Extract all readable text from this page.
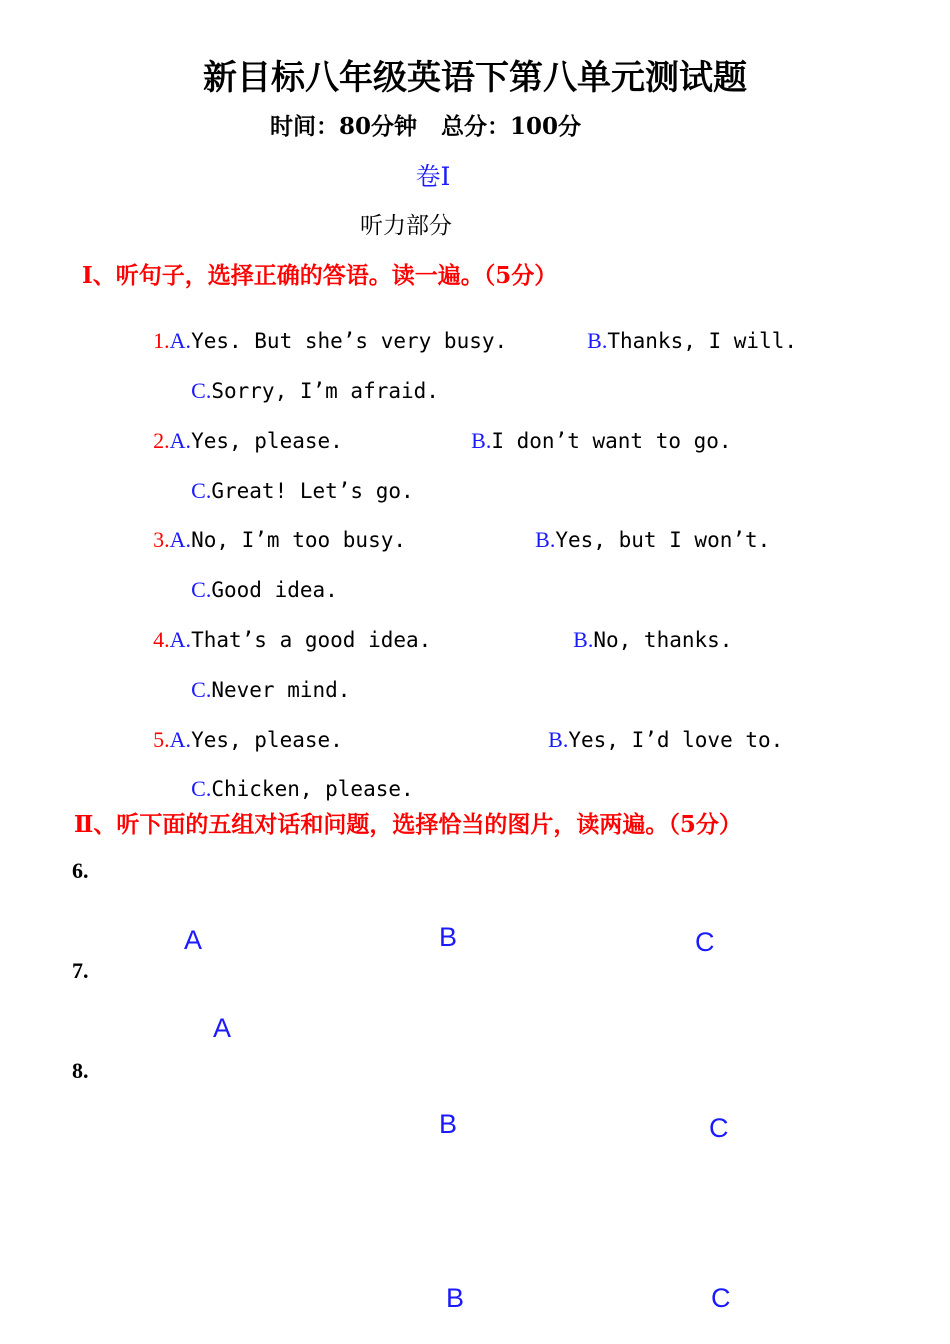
新目标八年级英语下第八单元测试题
时间：80分钟   总分：100分
卷Ⅰ
听力部分
Ⅰ、听句子，选择正确的答语。读一遍。（5分）

1.A.Yes. But she’s very busy.	B.Thanks, I will.

C.Sorry, I’m afraid.

2.A.Yes, please.	B.I don’t want to go.

C.Great! Let’s go.

3.A.No, I’m too busy.	B.Yes, but I won’t.

C.Good idea.

4.A.That’s a good idea.	B.No, thanks.

C.Never mind.

5.A.Yes, please.	B.Yes, I’d love to.

C.Chicken, please.

Ⅱ、听下面的五组对话和问题，选择恰当的图片，读两遍。（5分）
6.
A	B	C
7.
A
8.
B	C
B	C
